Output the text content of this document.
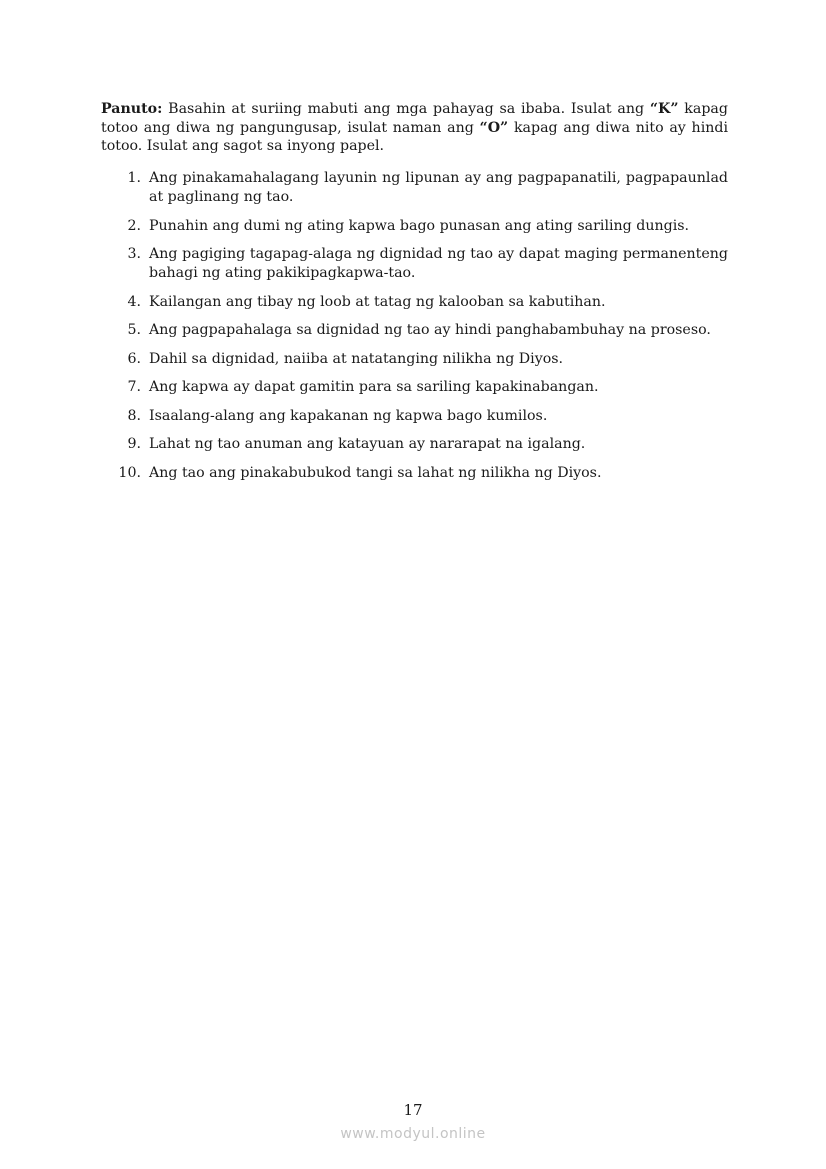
Panuto: Basahin at suriing mabuti ang mga pahayag sa ibaba. Isulat ang “K” kapag totoo ang diwa ng pangungusap, isulat naman ang “O” kapag ang diwa nito ay hindi totoo. Isulat ang sagot sa inyong papel.
1. Ang pinakamahalagang layunin ng lipunan ay ang pagpapanatili, pagpapaunlad at paglinang ng tao.
2. Punahin ang dumi ng ating kapwa bago punasan ang ating sariling dungis.
3. Ang pagiging tagapag-alaga ng dignidad ng tao ay dapat maging permanenteng bahagi ng ating pakikipagkapwa-tao.
4. Kailangan ang tibay ng loob at tatag ng kalooban sa kabutihan.
5. Ang pagpapahalaga sa dignidad ng tao ay hindi panghabambuhay na proseso.
6. Dahil sa dignidad, naiiba at natatanging nilikha ng Diyos.
7. Ang kapwa ay dapat gamitin para sa sariling kapakinabangan.
8. Isaalang-alang ang kapakanan ng kapwa bago kumilos.
9. Lahat ng tao anuman ang katayuan ay nararapat na igalang.
10. Ang tao ang pinakabubukod tangi sa lahat ng nilikha ng Diyos.
17
www.modyul.online
